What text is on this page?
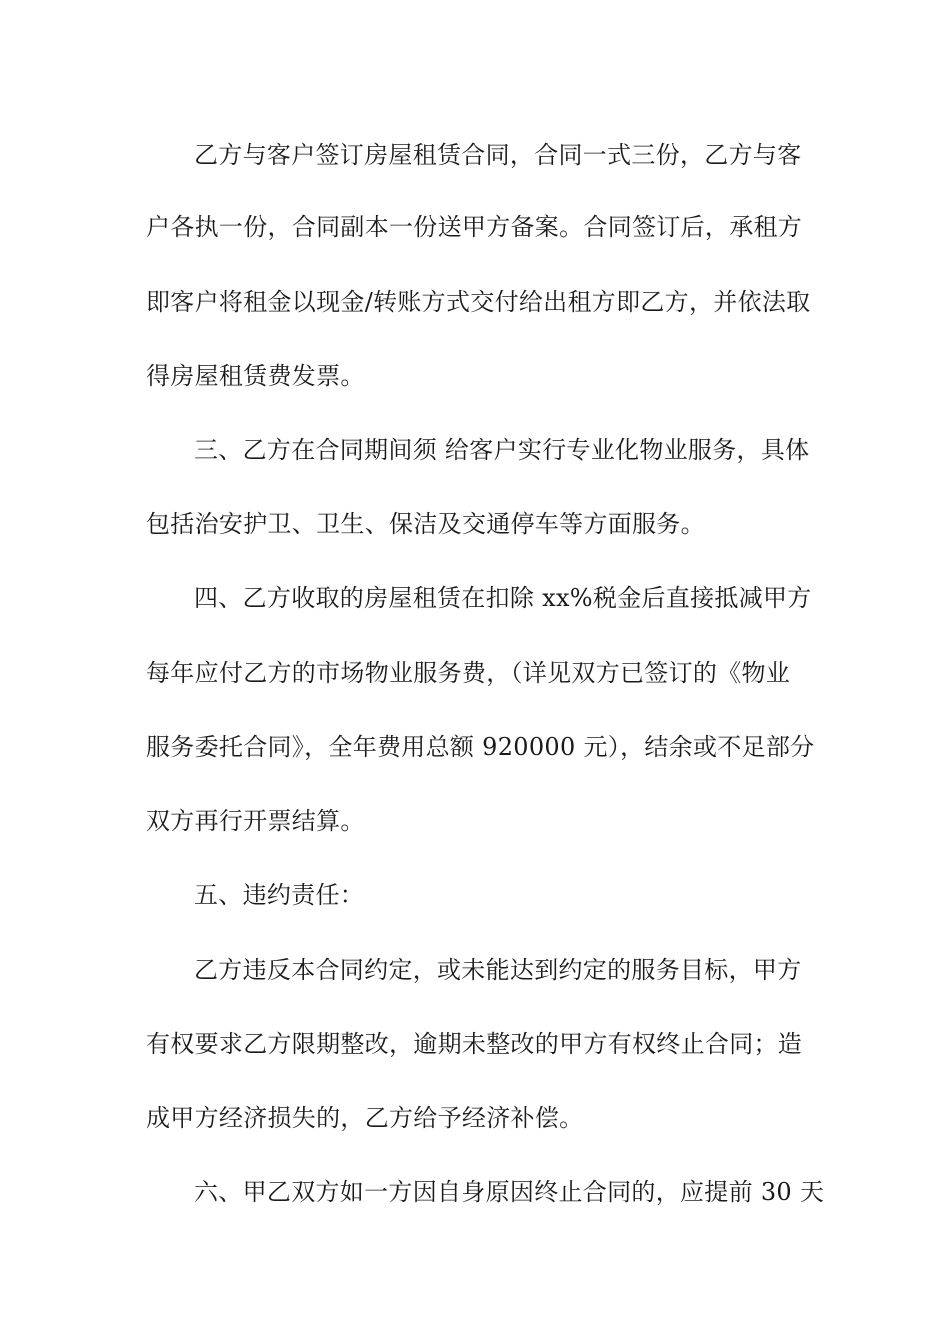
乙方与客户签订房屋租赁合同，合同一式三份，乙方与客
户各执一份，合同副本一份送甲方备案。合同签订后，承租方
即客户将租金以现金/转账方式交付给出租方即乙方，并依法取
得房屋租赁费发票。
三、乙方在合同期间须 给客户实行专业化物业服务，具体
包括治安护卫、卫生、保洁及交通停车等方面服务。
四、乙方收取的房屋租赁在扣除 xx%税金后直接抵减甲方
每年应付乙方的市场物业服务费，（详见双方已签订的《物业
服务委托合同》，全年费用总额 920000 元），结余或不足部分
双方再行开票结算。
五、违约责任：
乙方违反本合同约定，或未能达到约定的服务目标，甲方
有权要求乙方限期整改，逾期未整改的甲方有权终止合同；造
成甲方经济损失的，乙方给予经济补偿。
六、甲乙双方如一方因自身原因终止合同的，应提前 30 天
